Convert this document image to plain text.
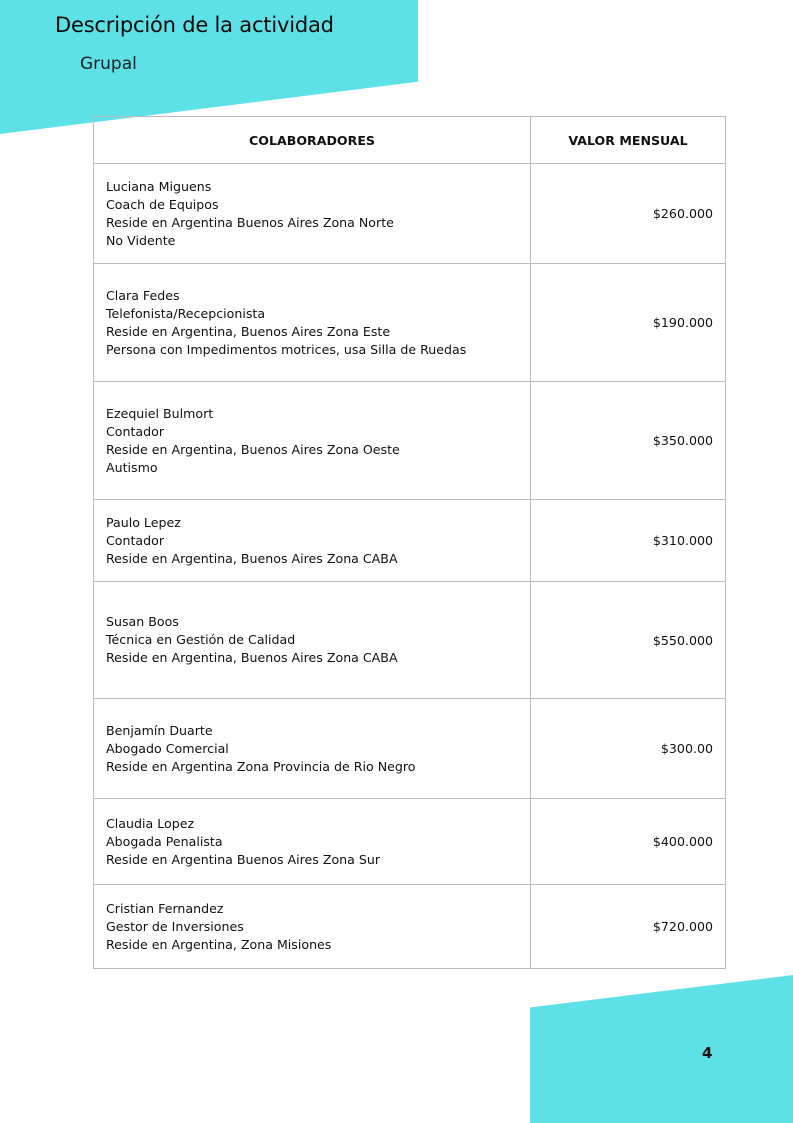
Descripción de la actividad
Grupal
COLABORADORES	VALOR MENSUAL

Luciana Miguens
Coach de Equipos
Reside en Argentina Buenos Aires Zona Norte
No Vidente	$260.000

Clara Fedes
Telefonista/Recepcionista
Reside en Argentina, Buenos Aires Zona Este
Persona con Impedimentos motrices, usa Silla de Ruedas	$190.000

Ezequiel Bulmort
Contador
Reside en Argentina, Buenos Aires Zona Oeste
Autismo	$350.000

Paulo Lepez
Contador
Reside en Argentina, Buenos Aires Zona CABA	$310.000

Susan Boos
Técnica en Gestión de Calidad
Reside en Argentina, Buenos Aires Zona CABA	$550.000

Benjamín Duarte
Abogado Comercial
Reside en Argentina Zona Provincia de Rio Negro	$300.00

Claudia Lopez
Abogada Penalista
Reside en Argentina Buenos Aires Zona Sur	$400.000

Cristian Fernandez
Gestor de Inversiones
Reside en Argentina, Zona Misiones	$720.000
4
